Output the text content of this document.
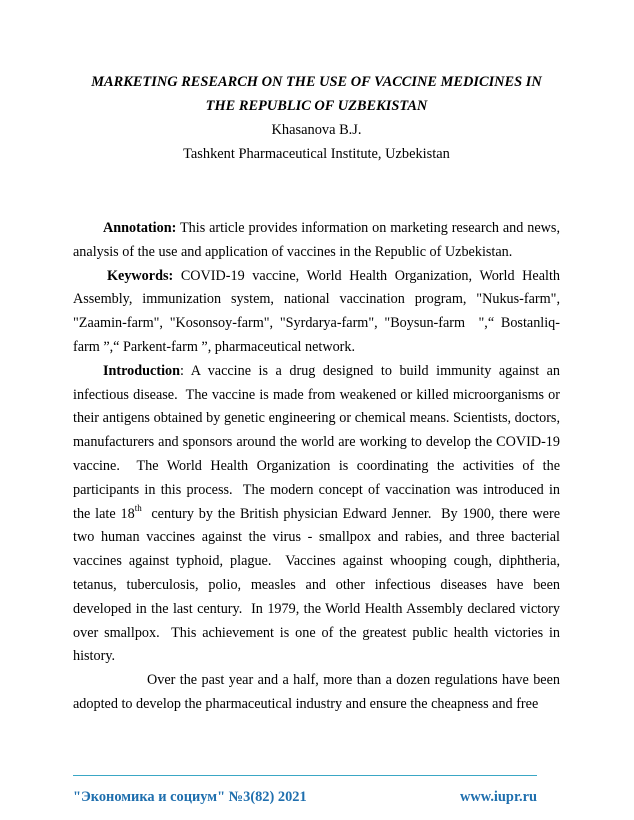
MARKETING RESEARCH ON THE USE OF VACCINE MEDICINES IN

THE REPUBLIC OF UZBEKISTAN

Khasanova B.J.

Tashkent Pharmaceutical Institute, Uzbekistan

Annotation: This article provides information on marketing research and news, analysis of the use and application of vaccines in the Republic of Uzbekistan.

Keywords: COVID-19 vaccine, World Health Organization, World Health Assembly, immunization system, national vaccination program, "Nukus-farm", "Zaamin-farm", "Kosonsoy-farm", "Syrdarya-farm", "Boysun-farm  ",“ Bostanliq-farm ”,“ Parkent-farm ”, pharmaceutical network.

Introduction: A vaccine is a drug designed to build immunity against an infectious disease.  The vaccine is made from weakened or killed microorganisms or their antigens obtained by genetic engineering or chemical means. Scientists, doctors, manufacturers and sponsors around the world are working to develop the COVID-19 vaccine.  The World Health Organization is coordinating the activities of the participants in this process.  The modern concept of vaccination was introduced in the late 18th  century by the British physician Edward Jenner.  By 1900, there were two human vaccines against the virus - smallpox and rabies, and three bacterial vaccines against typhoid, plague.  Vaccines against whooping cough, diphtheria, tetanus, tuberculosis, polio, measles and other infectious diseases have been developed in the last century.  In 1979, the World Health Assembly declared victory over smallpox.  This achievement is one of the greatest public health victories in history.

Over the past year and a half, more than a dozen regulations have been adopted to develop the pharmaceutical industry and ensure the cheapness and free

"Экономика и социум" №3(82) 2021	www.iupr.ru
